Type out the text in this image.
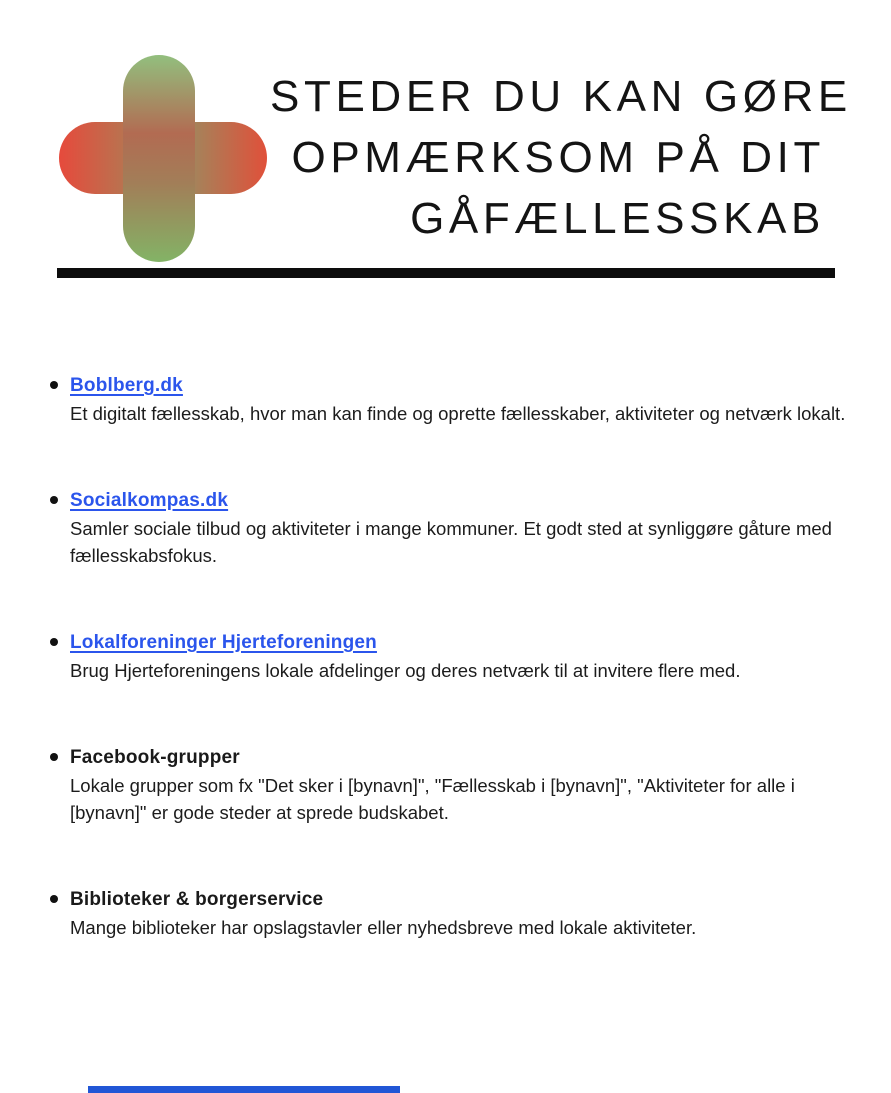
STEDER DU KAN GØRE
OPMÆRKSOM PÅ DIT
GÅFÆLLESSKAB
Boblberg.dk

Et digitalt fællesskab, hvor man kan finde og oprette fællesskaber, aktiviteter og netværk lokalt.

Socialkompas.dk

Samler sociale tilbud og aktiviteter i mange kommuner. Et godt sted at synliggøre gåture med fællesskabsfokus.

Lokalforeninger Hjerteforeningen

Brug Hjerteforeningens lokale afdelinger og deres netværk til at invitere flere med.

Facebook-grupper

Lokale grupper som fx "Det sker i [bynavn]", "Fællesskab i [bynavn]", "Aktiviteter for alle i [bynavn]" er gode steder at sprede budskabet.

Biblioteker & borgerservice

Mange biblioteker har opslagstavler eller nyhedsbreve med lokale aktiviteter.
